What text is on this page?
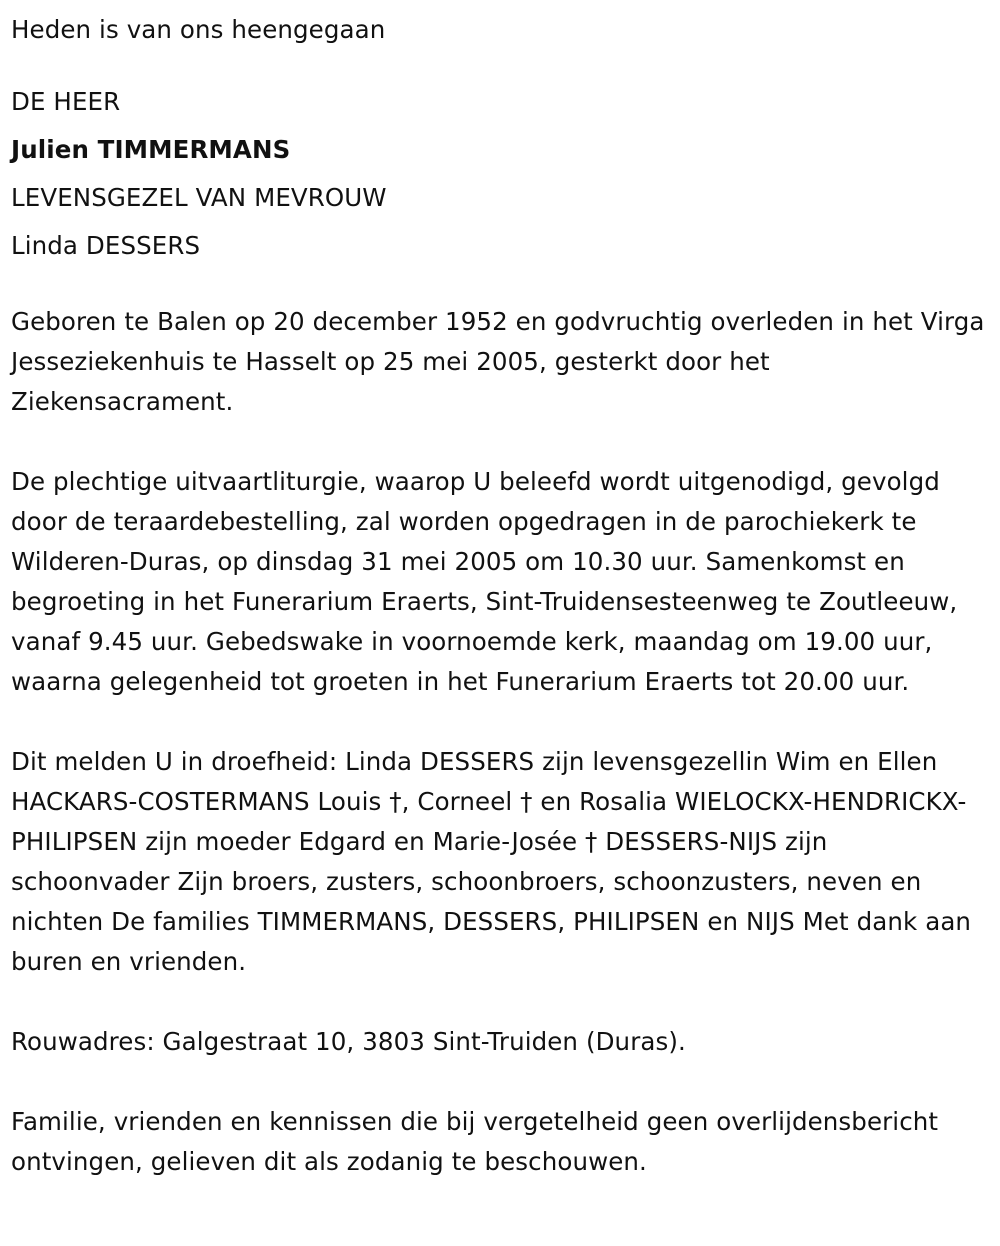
Heden is van ons heengegaan
DE HEER
Julien TIMMERMANS
LEVENSGEZEL VAN MEVROUW
Linda DESSERS

Geboren te Balen op 20 december 1952 en godvruchtig overleden in het Virga Jesseziekenhuis te Hasselt op 25 mei 2005, gesterkt door het Ziekensacrament.

De plechtige uitvaartliturgie, waarop U beleefd wordt uitgenodigd, gevolgd door de teraardebestelling, zal worden opgedragen in de parochiekerk te Wilderen-Duras, op dinsdag 31 mei 2005 om 10.30 uur. Samenkomst en begroeting in het Funerarium Eraerts, Sint-Truidensesteenweg te Zoutleeuw, vanaf 9.45 uur. Gebedswake in voornoemde kerk, maandag om 19.00 uur, waarna gelegenheid tot groeten in het Funerarium Eraerts tot 20.00 uur.

Dit melden U in droefheid: Linda DESSERS zijn levensgezellin Wim en Ellen HACKARS-COSTERMANS Louis †, Corneel † en Rosalia WIELOCKX-HENDRICKX-PHILIPSEN zijn moeder Edgard en Marie-Josée † DESSERS-NIJS zijn schoonvader Zijn broers, zusters, schoonbroers, schoonzusters, neven en nichten De families TIMMERMANS, DESSERS, PHILIPSEN en NIJS Met dank aan buren en vrienden.

Rouwadres: Galgestraat 10, 3803 Sint-Truiden (Duras).

Familie, vrienden en kennissen die bij vergetelheid geen overlijdensbericht ontvingen, gelieven dit als zodanig te beschouwen.
